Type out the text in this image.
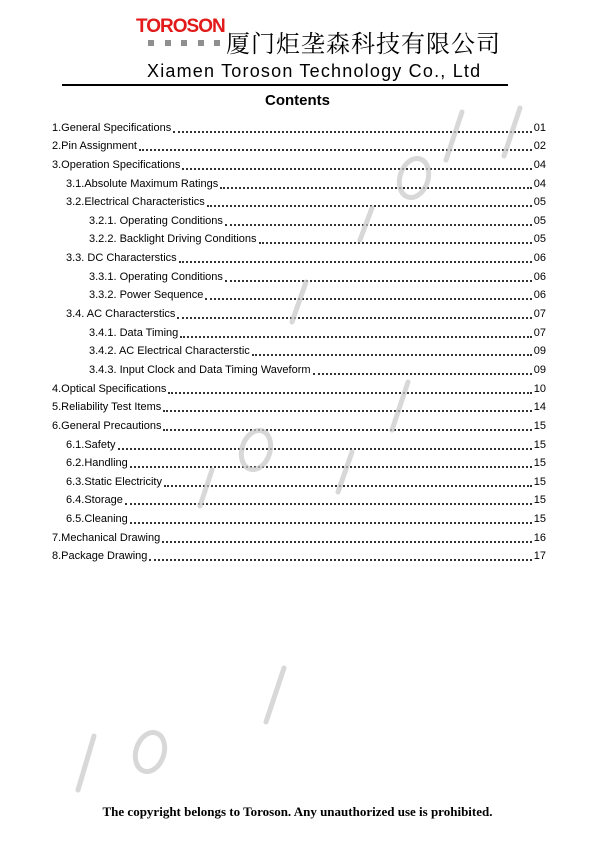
TOROSON
厦门炬垄森科技有限公司
Xiamen Toroson Technology Co., Ltd
Contents
1.General Specifications	01
2.Pin Assignment	02
3.Operation Specifications	04
3.1.Absolute Maximum Ratings	04
3.2.Electrical Characteristics	05
3.2.1. Operating Conditions	05
3.2.2. Backlight Driving Conditions	05
3.3. DC Characterstics	06
3.3.1. Operating Conditions	06
3.3.2. Power Sequence	06
3.4. AC Characterstics	07
3.4.1. Data Timing	07
3.4.2. AC Electrical Characterstic	09
3.4.3. Input Clock and Data Timing Waveform	09
4.Optical Specifications	10
5.Reliability Test Items	14
6.General Precautions	15
6.1.Safety	15
6.2.Handling	15
6.3.Static Electricity	15
6.4.Storage	15
6.5.Cleaning	15
7.Mechanical Drawing	16
8.Package Drawing	17
The copyright belongs to Toroson. Any unauthorized use is prohibited.
